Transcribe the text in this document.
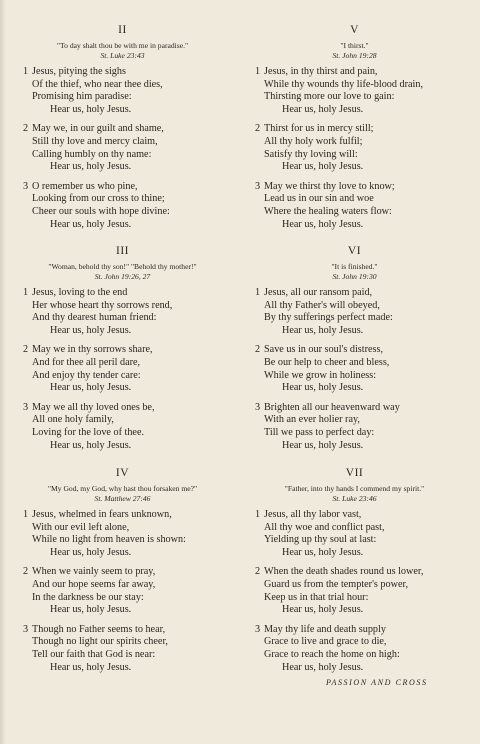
II
"To day shalt thou be with me in paradise."
St. Luke 23:43
1 Jesus, pitying the sighs
Of the thief, who near thee dies,
Promising him paradise:
Hear us, holy Jesus.
2 May we, in our guilt and shame,
Still thy love and mercy claim,
Calling humbly on thy name:
Hear us, holy Jesus.
3 O remember us who pine,
Looking from our cross to thine;
Cheer our souls with hope divine:
Hear us, holy Jesus.
V
"I thirst."
St. John 19:28
1 Jesus, in thy thirst and pain,
While thy wounds thy life-blood drain,
Thirsting more our love to gain:
Hear us, holy Jesus.
2 Thirst for us in mercy still;
All thy holy work fulfil;
Satisfy thy loving will:
Hear us, holy Jesus.
3 May we thirst thy love to know;
Lead us in our sin and woe
Where the healing waters flow:
Hear us, holy Jesus.
III
"Woman, behold thy son!" "Behold thy mother!"
St. John 19:26, 27
1 Jesus, loving to the end
Her whose heart thy sorrows rend,
And thy dearest human friend:
Hear us, holy Jesus.
2 May we in thy sorrows share,
And for thee all peril dare,
And enjoy thy tender care:
Hear us, holy Jesus.
3 May we all thy loved ones be,
All one holy family,
Loving for the love of thee.
Hear us, holy Jesus.
VI
"It is finished."
St. John 19:30
1 Jesus, all our ransom paid,
All thy Father's will obeyed,
By thy sufferings perfect made:
Hear us, holy Jesus.
2 Save us in our soul's distress,
Be our help to cheer and bless,
While we grow in holiness:
Hear us, holy Jesus.
3 Brighten all our heavenward way
With an ever holier ray,
Till we pass to perfect day:
Hear us, holy Jesus.
IV
"My God, my God, why hast thou forsaken me?"
St. Matthew 27:46
1 Jesus, whelmed in fears unknown,
With our evil left alone,
While no light from heaven is shown:
Hear us, holy Jesus.
2 When we vainly seem to pray,
And our hope seems far away,
In the darkness be our stay:
Hear us, holy Jesus.
3 Though no Father seems to hear,
Though no light our spirits cheer,
Tell our faith that God is near:
Hear us, holy Jesus.
VII
"Father, into thy hands I commend my spirit."
St. Luke 23:46
1 Jesus, all thy labor vast,
All thy woe and conflict past,
Yielding up thy soul at last:
Hear us, holy Jesus.
2 When the death shades round us lower,
Guard us from the tempter's power,
Keep us in that trial hour:
Hear us, holy Jesus.
3 May thy life and death supply
Grace to live and grace to die,
Grace to reach the home on high:
Hear us, holy Jesus.
PASSION AND CROSS
